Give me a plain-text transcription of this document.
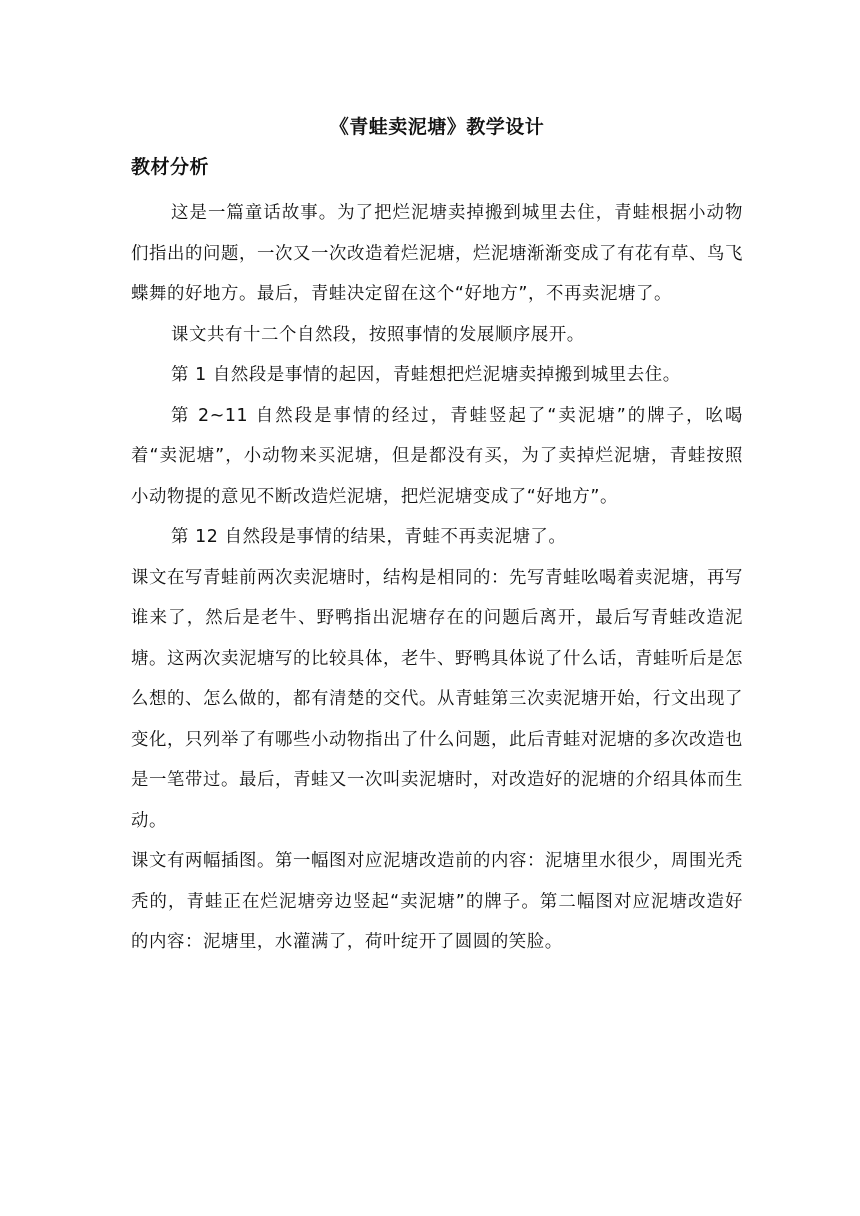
《青蛙卖泥塘》教学设计
教材分析

这是一篇童话故事。为了把烂泥塘卖掉搬到城里去住，青蛙根据小动物们指出的问题，一次又一次改造着烂泥塘，烂泥塘渐渐变成了有花有草、鸟飞蝶舞的好地方。最后，青蛙决定留在这个“好地方”，不再卖泥塘了。

课文共有十二个自然段，按照事情的发展顺序展开。

第 1 自然段是事情的起因，青蛙想把烂泥塘卖掉搬到城里去住。

第 2~11 自然段是事情的经过，青蛙竖起了“卖泥塘”的牌子，吆喝着“卖泥塘”，小动物来买泥塘，但是都没有买，为了卖掉烂泥塘，青蛙按照小动物提的意见不断改造烂泥塘，把烂泥塘变成了“好地方”。

第 12 自然段是事情的结果，青蛙不再卖泥塘了。

课文在写青蛙前两次卖泥塘时，结构是相同的：先写青蛙吆喝着卖泥塘，再写谁来了，然后是老牛、野鸭指出泥塘存在的问题后离开，最后写青蛙改造泥塘。这两次卖泥塘写的比较具体，老牛、野鸭具体说了什么话，青蛙听后是怎么想的、怎么做的，都有清楚的交代。从青蛙第三次卖泥塘开始，行文出现了变化，只列举了有哪些小动物指出了什么问题，此后青蛙对泥塘的多次改造也是一笔带过。最后，青蛙又一次叫卖泥塘时，对改造好的泥塘的介绍具体而生动。

课文有两幅插图。第一幅图对应泥塘改造前的内容：泥塘里水很少，周围光秃秃的，青蛙正在烂泥塘旁边竖起“卖泥塘”的牌子。第二幅图对应泥塘改造好的内容：泥塘里，水灌满了，荷叶绽开了圆圆的笑脸。
